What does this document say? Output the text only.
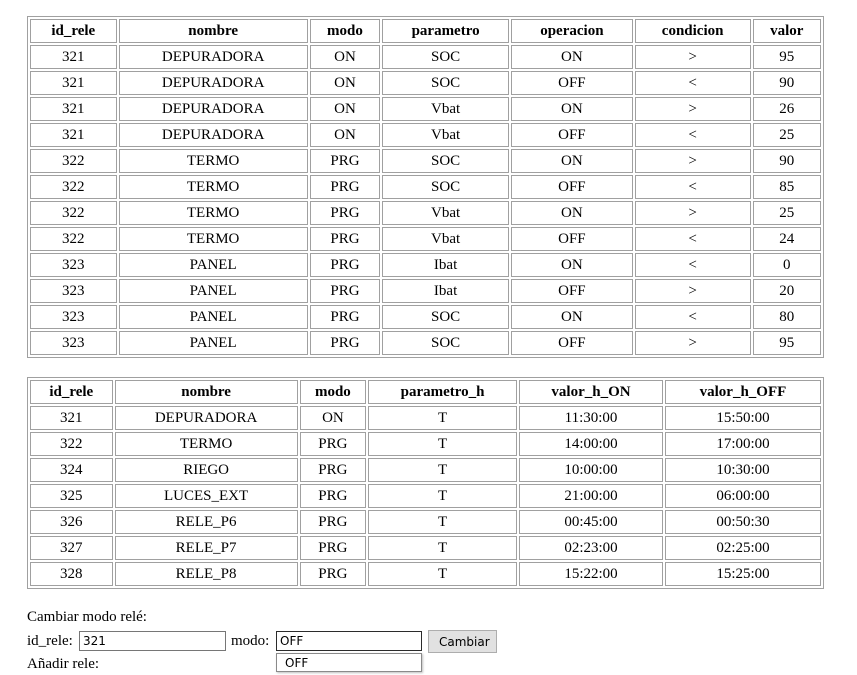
id_rele	nombre	modo	parametro	operacion	condicion	valor
321	DEPURADORA	ON	SOC	ON	>	95
321	DEPURADORA	ON	SOC	OFF	<	90
321	DEPURADORA	ON	Vbat	ON	>	26
321	DEPURADORA	ON	Vbat	OFF	<	25
322	TERMO	PRG	SOC	ON	>	90
322	TERMO	PRG	SOC	OFF	<	85
322	TERMO	PRG	Vbat	ON	>	25
322	TERMO	PRG	Vbat	OFF	<	24
323	PANEL	PRG	Ibat	ON	<	0
323	PANEL	PRG	Ibat	OFF	>	20
323	PANEL	PRG	SOC	ON	<	80
323	PANEL	PRG	SOC	OFF	>	95
id_rele	nombre	modo	parametro_h	valor_h_ON	valor_h_OFF
321	DEPURADORA	ON	T	11:30:00	15:50:00
322	TERMO	PRG	T	14:00:00	17:00:00
324	RIEGO	PRG	T	10:00:00	10:30:00
325	LUCES_EXT	PRG	T	21:00:00	06:00:00
326	RELE_P6	PRG	T	00:45:00	00:50:30
327	RELE_P7	PRG	T	02:23:00	02:25:00
328	RELE_P8	PRG	T	15:22:00	15:25:00
Cambiar modo relé:
id_rele:
321	modo:
OFF	Cambiar
OFF
Añadir rele:
